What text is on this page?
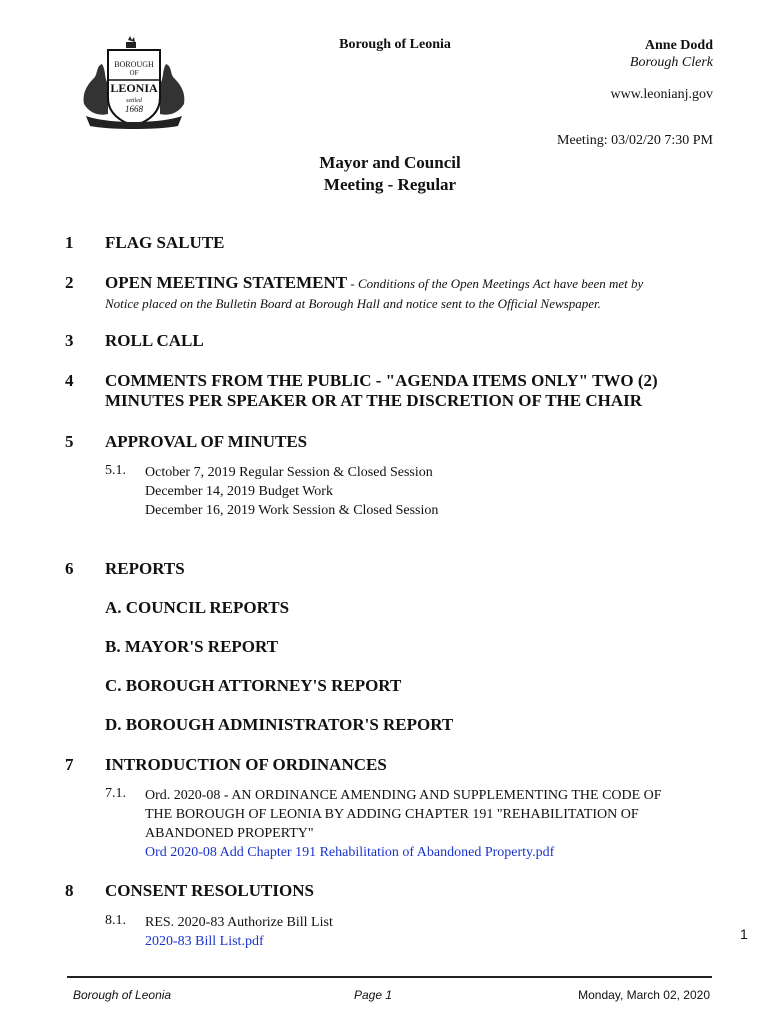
BOROUGH
OF
LEONIA
settled
1668
Borough of Leonia	Anne Dodd
Borough Clerk
www.leonianj.gov
Meeting: 03/02/20 7:30 PM
Mayor and Council
Meeting - Regular
1	FLAG SALUTE
2	OPEN MEETING STATEMENT - Conditions of the Open Meetings Act have been met by
Notice placed on the Bulletin Board at Borough Hall and notice sent to the Official Newspaper.
3	ROLL CALL
4	COMMENTS FROM THE PUBLIC - "AGENDA ITEMS ONLY" TWO (2)
MINUTES PER SPEAKER OR AT THE DISCRETION OF THE CHAIR
5	APPROVAL OF MINUTES
5.1. October 7, 2019 Regular Session & Closed Session
December 14, 2019 Budget Work
December 16, 2019 Work Session & Closed Session
6	REPORTS
A. COUNCIL REPORTS
B. MAYOR'S REPORT
C. BOROUGH ATTORNEY'S REPORT
D. BOROUGH ADMINISTRATOR'S REPORT
7	INTRODUCTION OF ORDINANCES
7.1. Ord. 2020-08 - AN ORDINANCE AMENDING AND SUPPLEMENTING THE CODE OF
THE BOROUGH OF LEONIA BY ADDING CHAPTER 191 "REHABILITATION OF
ABANDONED PROPERTY"
Ord 2020-08 Add Chapter 191 Rehabilitation of Abandoned Property.pdf
8	CONSENT RESOLUTIONS
8.1. RES. 2020-83 Authorize Bill List
2020-83 Bill List.pdf	1
Borough of Leonia	Page 1	Monday, March 02, 2020
